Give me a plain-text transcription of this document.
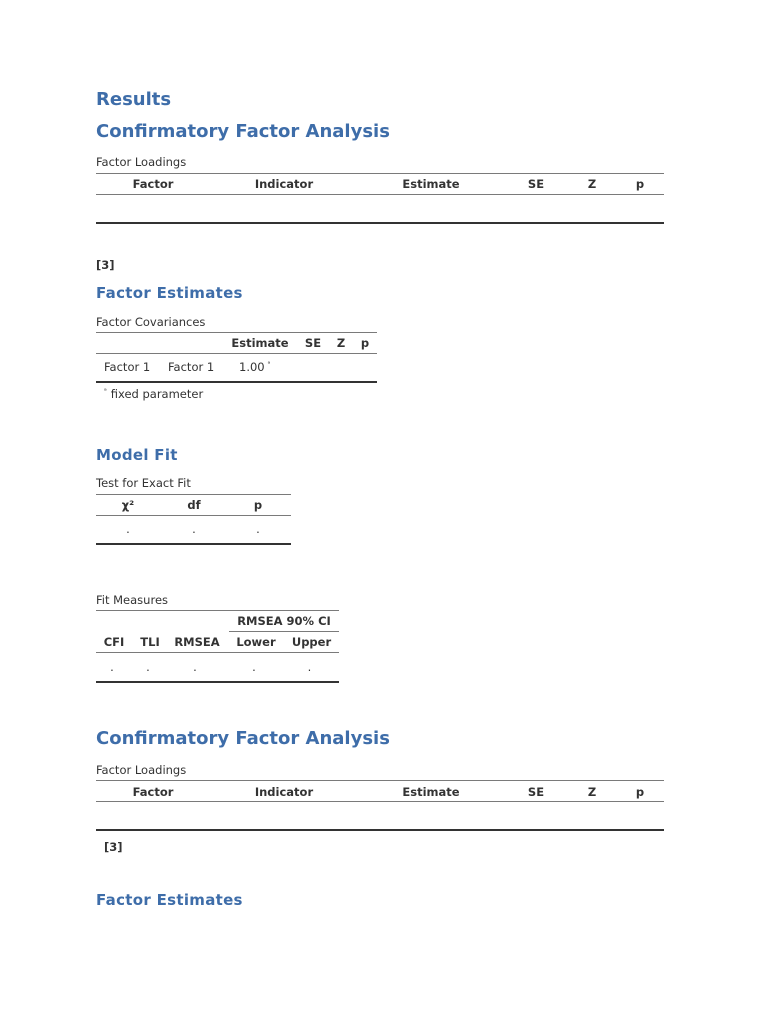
Results
Confirmatory Factor Analysis
Factor Loadings
Factor	Indicator	Estimate	SE	Z	p
[3]
Factor Estimates
Factor Covariances
Estimate	SE	Z	p
Factor 1 Factor 1 1.00 $^ᵃ$
$^ᵃ$ fixed parameter
Model Fit
Test for Exact Fit
χ²	df	p
.	.	.
Fit Measures
RMSEA 90% CI
CFI	TLI	RMSEA	Lower	Upper
.	.	.	.	.
Confirmatory Factor Analysis
Factor Loadings
Factor	Indicator	Estimate	SE	Z	p
[3]
Factor Estimates
